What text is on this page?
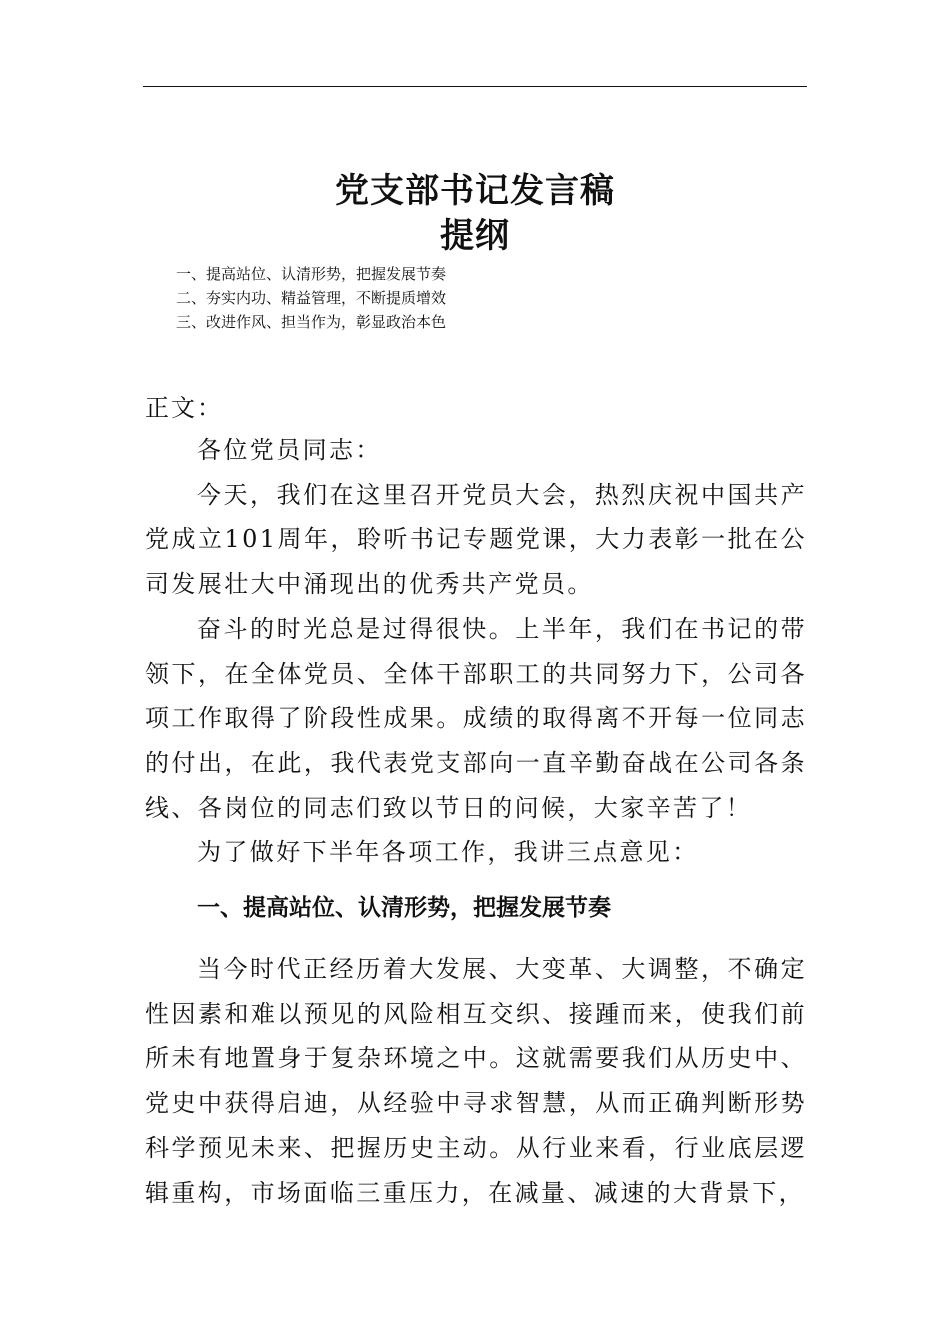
党支部书记发言稿
提纲
一、提高站位、认清形势，把握发展节奏
二、夯实内功、精益管理，不断提质增效
三、改进作风、担当作为，彰显政治本色
正文：

各位党员同志：

今天，我们在这里召开党员大会，热烈庆祝中国共产党成立101周年，聆听书记专题党课，大力表彰一批在公司发展壮大中涌现出的优秀共产党员。

奋斗的时光总是过得很快。上半年，我们在书记的带领下，在全体党员、全体干部职工的共同努力下，公司各项工作取得了阶段性成果。成绩的取得离不开每一位同志的付出，在此，我代表党支部向一直辛勤奋战在公司各条线、各岗位的同志们致以节日的问候，大家辛苦了！

为了做好下半年各项工作，我讲三点意见：

一、提高站位、认清形势，把握发展节奏

当今时代正经历着大发展、大变革、大调整，不确定性因素和难以预见的风险相互交织、接踵而来，使我们前所未有地置身于复杂环境之中。这就需要我们从历史中、党史中获得启迪，从经验中寻求智慧，从而正确判断形势科学预见未来、把握历史主动。从行业来看，行业底层逻辑重构，市场面临三重压力，在减量、减速的大背景下，
